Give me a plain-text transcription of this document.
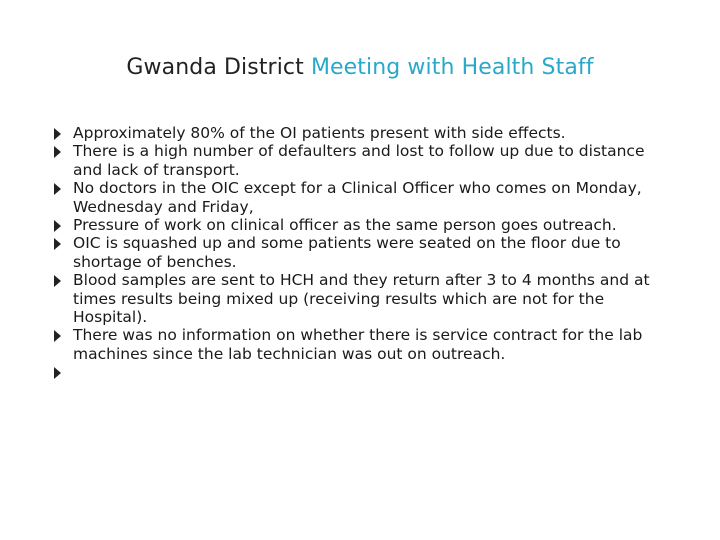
Gwanda District Meeting with Health Staff
Approximately 80% of the OI patients present with side effects.
There is a high number of defaulters and lost to follow up due to distance
and lack of transport.
No doctors in the OIC except for a Clinical Officer who comes on Monday,
Wednesday and Friday,
Pressure of work on clinical officer as the same person goes outreach.
OIC is squashed up and some patients were seated on the floor due to
shortage of benches.
Blood samples are sent to HCH and they return after 3 to 4 months and at
times results being mixed up (receiving results which are not for the
Hospital).
There was no information on whether there is service contract for the lab
machines since the lab technician was out on outreach.
